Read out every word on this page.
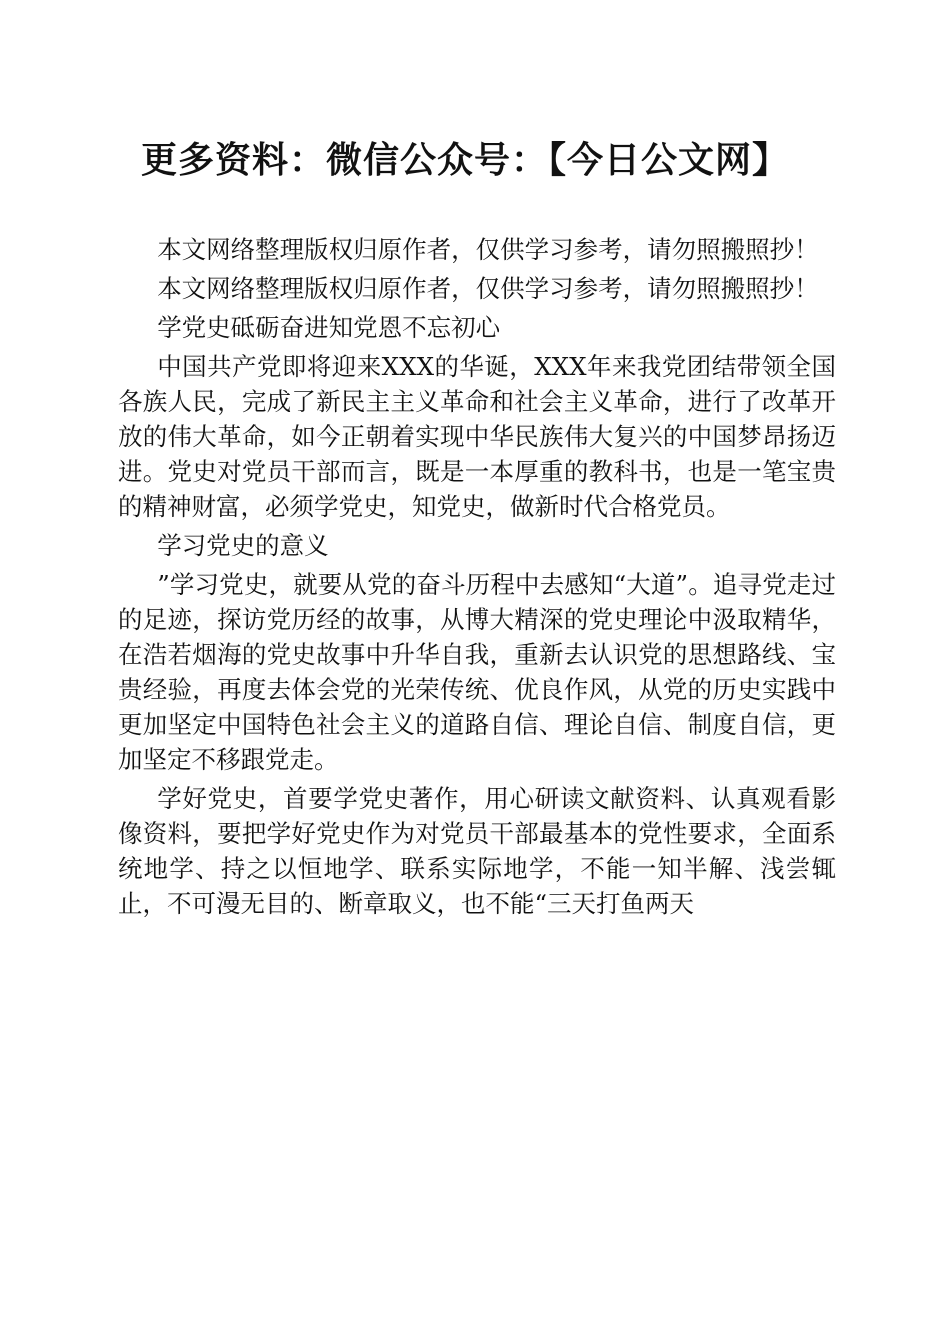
更多资料：微信公众号：【今日公文网】

本文网络整理版权归原作者，仅供学习参考，请勿照搬照抄！

本文网络整理版权归原作者，仅供学习参考，请勿照搬照抄！

学党史砥砺奋进知党恩不忘初心

中国共产党即将迎来XXX的华诞，XXX年来我党团结带领全国各族人民，完成了新民主主义革命和社会主义革命，进行了改革开放的伟大革命，如今正朝着实现中华民族伟大复兴的中国梦昂扬迈进。党史对党员干部而言，既是一本厚重的教科书，也是一笔宝贵的精神财富，必须学党史，知党史，做新时代合格党员。

学习党史的意义

”学习党史，就要从党的奋斗历程中去感知“大道”。追寻党走过的足迹，探访党历经的故事，从博大精深的党史理论中汲取精华，在浩若烟海的党史故事中升华自我，重新去认识党的思想路线、宝贵经验，再度去体会党的光荣传统、优良作风，从党的历史实践中更加坚定中国特色社会主义的道路自信、理论自信、制度自信，更加坚定不移跟党走。

学好党史，首要学党史著作，用心研读文献资料、认真观看影像资料，要把学好党史作为对党员干部最基本的党性要求，全面系统地学、持之以恒地学、联系实际地学，不能一知半解、浅尝辄止，不可漫无目的、断章取义，也不能“三天打鱼两天
